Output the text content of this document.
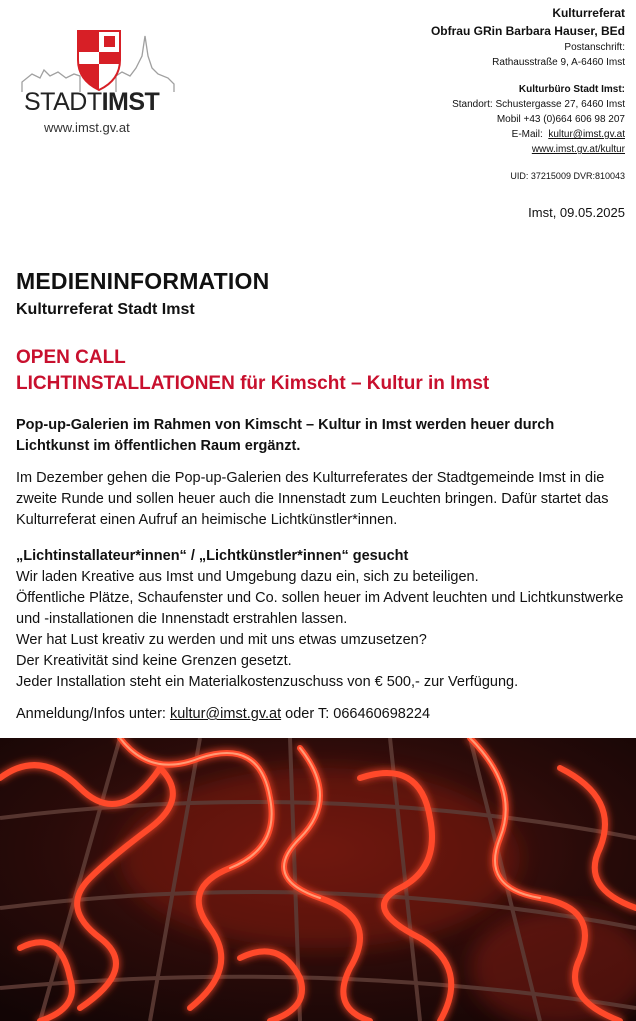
STADTIMST
www.imst.gv.at
Kulturreferat
Obfrau GRin Barbara Hauser, BEd
Postanschrift:
Rathausstraße 9, A-6460 Imst
Kulturbüro Stadt Imst:
Standort: Schustergasse 27, 6460 Imst
Mobil +43 (0)664 606 98 207
E-Mail: kultur@imst.gv.at
www.imst.gv.at/kultur
UID: 37215009 DVR:810043
Imst, 09.05.2025
MEDIENINFORMATION
Kulturreferat Stadt Imst
OPEN CALL
LICHTINSTALLATIONEN für Kimscht – Kultur in Imst
Pop-up-Galerien im Rahmen von Kimscht – Kultur in Imst werden heuer durch Lichtkunst im öffentlichen Raum ergänzt.
Im Dezember gehen die Pop-up-Galerien des Kulturreferates der Stadtgemeinde Imst in die zweite Runde und sollen heuer auch die Innenstadt zum Leuchten bringen. Dafür startet das Kulturreferat einen Aufruf an heimische Lichtkünstler*innen.
„Lichtinstallateur*innen“ / „Lichtkünstler*innen“ gesucht
Wir laden Kreative aus Imst und Umgebung dazu ein, sich zu beteiligen.
Öffentliche Plätze, Schaufenster und Co. sollen heuer im Advent leuchten und Lichtkunstwerke und -installationen die Innenstadt erstrahlen lassen.
Wer hat Lust kreativ zu werden und mit uns etwas umzusetzen?
Der Kreativität sind keine Grenzen gesetzt.
Jeder Installation steht ein Materialkostenzuschuss von € 500,- zur Verfügung.
Anmeldung/Infos unter: kultur@imst.gv.at oder T: 066460698224
